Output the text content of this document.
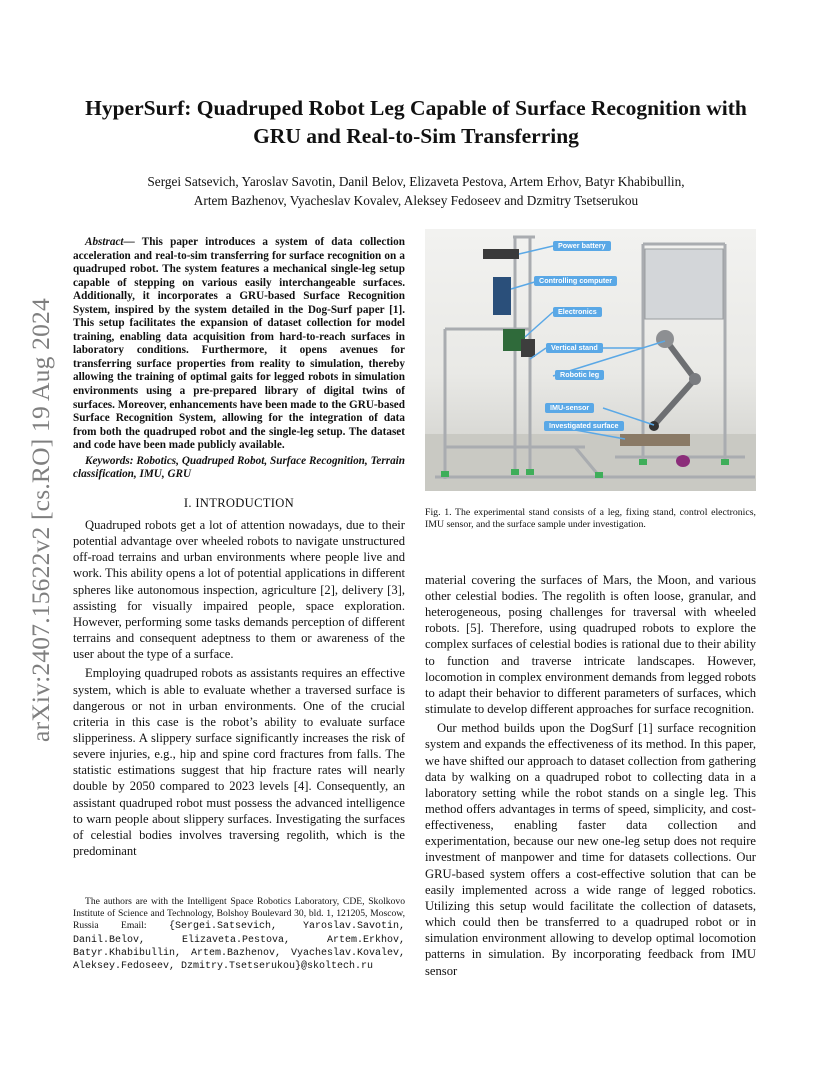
arXiv:2407.15622v2 [cs.RO] 19 Aug 2024
HyperSurf: Quadruped Robot Leg Capable of Surface Recognition with
GRU and Real-to-Sim Transferring
Sergei Satsevich, Yaroslav Savotin, Danil Belov, Elizaveta Pestova, Artem Erhov, Batyr Khabibullin,
Artem Bazhenov, Vyacheslav Kovalev, Aleksey Fedoseev and Dzmitry Tsetserukou

Abstract— This paper introduces a system of data collection acceleration and real-to-sim transferring for surface recognition on a quadruped robot. The system features a mechanical single-leg setup capable of stepping on various easily interchangeable surfaces. Additionally, it incorporates a GRU-based Surface Recognition System, inspired by the system detailed in the Dog-Surf paper [1]. This setup facilitates the expansion of dataset collection for model training, enabling data acquisition from hard-to-reach surfaces in laboratory conditions. Furthermore, it opens avenues for transferring surface properties from reality to simulation, thereby allowing the training of optimal gaits for legged robots in simulation environments using a pre-prepared library of digital twins of surfaces. Moreover, enhancements have been made to the GRU-based Surface Recognition System, allowing for the integration of data from both the quadruped robot and the single-leg setup. The dataset and code have been made publicly available.

Keywords: Robotics, Quadruped Robot, Surface Recognition, Terrain classification, IMU, GRU

I. INTRODUCTION

Quadruped robots get a lot of attention nowadays, due to their potential advantage over wheeled robots to navigate unstructured off-road terrains and urban environments where people live and work. This ability opens a lot of potential applications in different spheres like autonomous inspection, agriculture [2], delivery [3], assisting for visually impaired people, space exploration. However, performing some tasks demands perception of different terrains and consequent adeptness to them or awareness of the user about the type of a surface.

Employing quadruped robots as assistants requires an effective system, which is able to evaluate whether a traversed surface is dangerous or not in urban environments. One of the crucial criteria in this case is the robot’s ability to evaluate surface slipperiness. A slippery surface significantly increases the risk of severe injuries, e.g., hip and spine cord fractures from falls. The statistic estimations suggest that hip fracture rates will nearly double by 2050 compared to 2023 levels [4]. Consequently, an assistant quadruped robot must possess the advanced intelligence to warn people about slippery surfaces. Investigating the surfaces of celestial bodies involves traversing regolith, which is the predominant

The authors are with the Intelligent Space Robotics Laboratory, CDE, Skolkovo Institute of Science and Technology, Bolshoy Boulevard 30, bld. 1, 121205, Moscow, Russia Email: {Sergei.Satsevich, Yaroslav.Savotin, Danil.Belov, Elizaveta.Pestova, Artem.Erkhov, Batyr.Khabibullin, Artem.Bazhenov, Vyacheslav.Kovalev, Aleksey.Fedoseev, Dzmitry.Tsetserukou}@skoltech.ru
Power battery
Controlling computer
Electronics
Vertical stand
Robotic leg
IMU-sensor
Investigated surface

Fig. 1. The experimental stand consists of a leg, fixing stand, control electronics, IMU sensor, and the surface sample under investigation.

material covering the surfaces of Mars, the Moon, and various other celestial bodies. The regolith is often loose, granular, and heterogeneous, posing challenges for traversal with wheeled robots. [5]. Therefore, using quadruped robots to explore the complex surfaces of celestial bodies is rational due to their ability to function and traverse intricate landscapes. However, locomotion in complex environment demands from legged robots to adapt their behavior to different parameters of surfaces, which stimulate to develop different approaches for surface recognition.

Our method builds upon the DogSurf [1] surface recognition system and expands the effectiveness of its method. In this paper, we have shifted our approach to dataset collection from gathering data by walking on a quadruped robot to collecting data in a laboratory setting while the robot stands on a single leg. This method offers advantages in terms of speed, simplicity, and cost-effectiveness, enabling faster data collection and experimentation, because our new one-leg setup does not require investment of manpower and time for datasets collections. Our GRU-based system offers a cost-effective solution that can be easily implemented across a wide range of legged robotics. Utilizing this setup would facilitate the collection of datasets, which could then be transferred to a quadruped robot or in simulation environment allowing to develop optimal locomotion patterns in simulation. By incorporating feedback from IMU sensor
